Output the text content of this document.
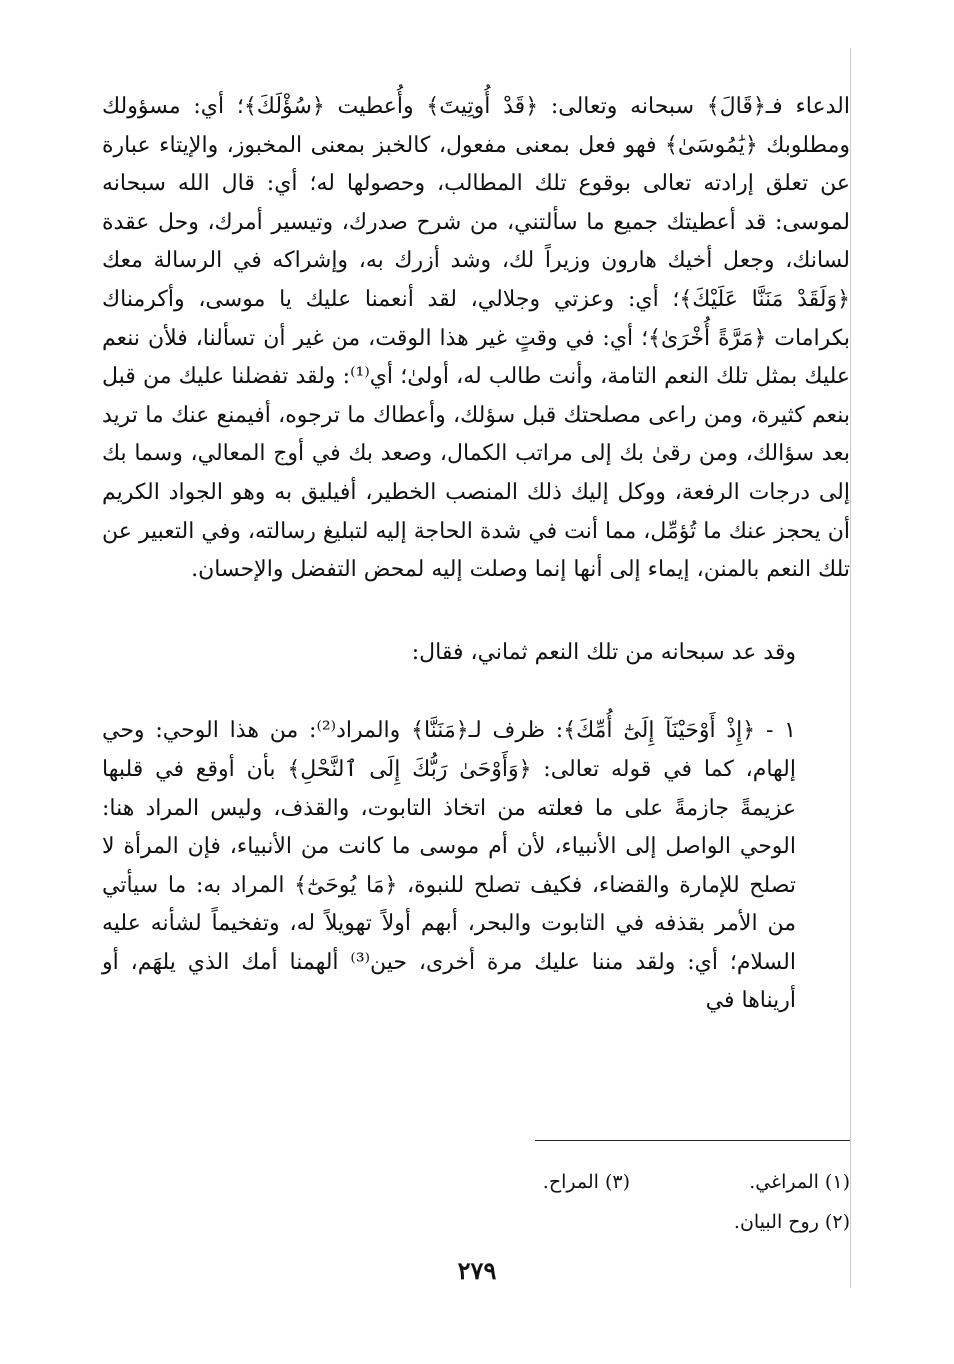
الدعاء فـ﴿قَالَ﴾ سبحانه وتعالى: ﴿قَدْ أُوتِيتَ﴾ وأُعطيت ﴿سُؤْلَكَ﴾؛ أي: مسؤولك ومطلوبك ﴿يَٰمُوسَىٰ﴾ فهو فعل بمعنى مفعول، كالخبز بمعنى المخبوز، والإيتاء عبارة عن تعلق إرادته تعالى بوقوع تلك المطالب، وحصولها له؛ أي: قال الله سبحانه لموسى: قد أعطيتك جميع ما سألتني، من شرح صدرك، وتيسير أمرك، وحل عقدة لسانك، وجعل أخيك هارون وزيراً لك، وشد أزرك به، وإشراكه في الرسالة معك ﴿وَلَقَدْ مَنَنَّا عَلَيْكَ﴾؛ أي: وعزتي وجلالي، لقد أنعمنا عليك يا موسى، وأكرمناك بكرامات ﴿مَرَّةً أُخْرَىٰ﴾؛ أي: في وقتٍ غير هذا الوقت، من غير أن تسألنا، فلأن ننعم عليك بمثل تلك النعم التامة، وأنت طالب له، أولىٰ؛ أي⁽¹⁾: ولقد تفضلنا عليك من قبل بنعم كثيرة، ومن راعى مصلحتك قبل سؤلك، وأعطاك ما ترجوه، أفيمنع عنك ما تريد بعد سؤالك، ومن رقىٰ بك إلى مراتب الكمال، وصعد بك في أوج المعالي، وسما بك إلى درجات الرفعة، ووكل إليك ذلك المنصب الخطير، أفيليق به وهو الجواد الكريم أن يحجز عنك ما تُؤمِّل، مما أنت في شدة الحاجة إليه لتبليغ رسالته، وفي التعبير عن تلك النعم بالمنن، إيماء إلى أنها إنما وصلت إليه لمحض التفضل والإحسان.

وقد عد سبحانه من تلك النعم ثماني، فقال:

١ - ﴿إِذْ أَوْحَيْنَآ إِلَىٰٓ أُمِّكَ﴾: ظرف لـ﴿مَنَنَّا﴾ والمراد⁽²⁾: من هذا الوحي: وحي إلهام، كما في قوله تعالى: ﴿وَأَوْحَىٰ رَبُّكَ إِلَى ٱلنَّحْلِ﴾ بأن أوقع في قلبها عزيمةً جازمةً على ما فعلته من اتخاذ التابوت، والقذف، وليس المراد هنا: الوحي الواصل إلى الأنبياء، لأن أم موسى ما كانت من الأنبياء، فإن المرأة لا تصلح للإمارة والقضاء، فكيف تصلح للنبوة، ﴿مَا يُوحَىٰٓ﴾ المراد به: ما سيأتي من الأمر بقذفه في التابوت والبحر، أبهم أولاً تهويلاً له، وتفخيماً لشأنه عليه السلام؛ أي: ولقد مننا عليك مرة أخرى، حين⁽³⁾ ألهمنا أمك الذي يلهَم، أو أريناها في

(١) المراغي.
(٣) المراح.
(٢) روح البيان.
٢٧٩
